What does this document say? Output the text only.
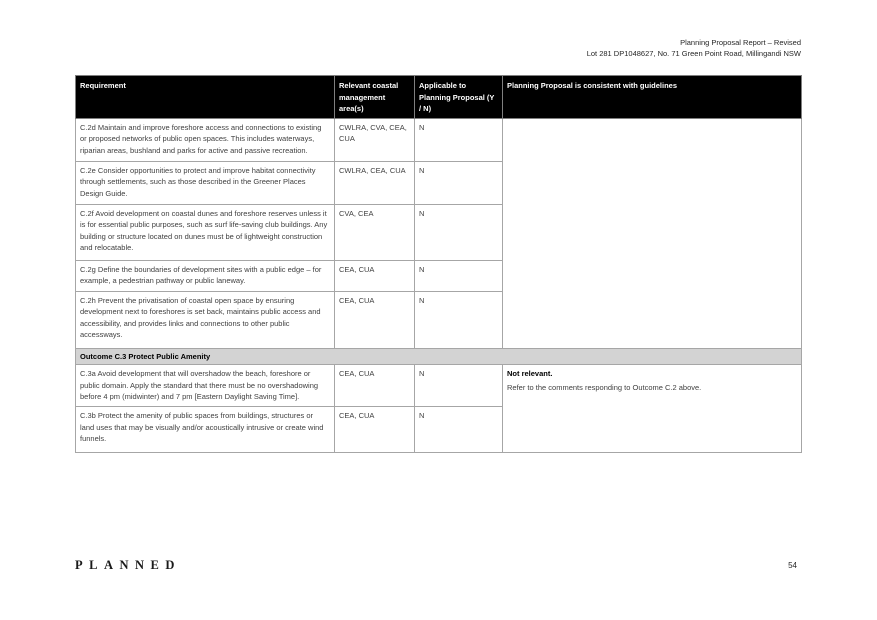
Planning Proposal Report – Revised
Lot 281 DP1048627, No. 71 Green Point Road, Millingandi NSW
Requirement	Relevant coastal management area(s)	Applicable to Planning Proposal (Y / N)	Planning Proposal is consistent with guidelines
C.2d Maintain and improve foreshore access and connections to existing or proposed networks of public open spaces. This includes waterways, riparian areas, bushland and parks for active and passive recreation.	CWLRA, CVA, CEA, CUA	N	
C.2e Consider opportunities to protect and improve habitat connectivity through settlements, such as those described in the Greener Places Design Guide.	CWLRA, CEA, CUA	N	
C.2f Avoid development on coastal dunes and foreshore reserves unless it is for essential public purposes, such as surf life-saving club buildings. Any building or structure located on dunes must be of lightweight construction and relocatable.	CVA, CEA	N	
C.2g Define the boundaries of development sites with a public edge – for example, a pedestrian pathway or public laneway.	CEA, CUA	N	
C.2h Prevent the privatisation of coastal open space by ensuring development next to foreshores is set back, maintains public access and accessibility, and provides links and connections to other public accessways.	CEA, CUA	N	
Outcome C.3 Protect Public Amenity			
C.3a Avoid development that will overshadow the beach, foreshore or public domain. Apply the standard that there must be no overshadowing before 4 pm (midwinter) and 7 pm [Eastern Daylight Saving Time].	CEA, CUA	N	Not relevant.
Refer to the comments responding to Outcome C.2 above.

C.3b Protect the amenity of public spaces from buildings, structures or land uses that may be visually and/or acoustically intrusive or create wind funnels.	CEA, CUA	N	
PLANNED	54
